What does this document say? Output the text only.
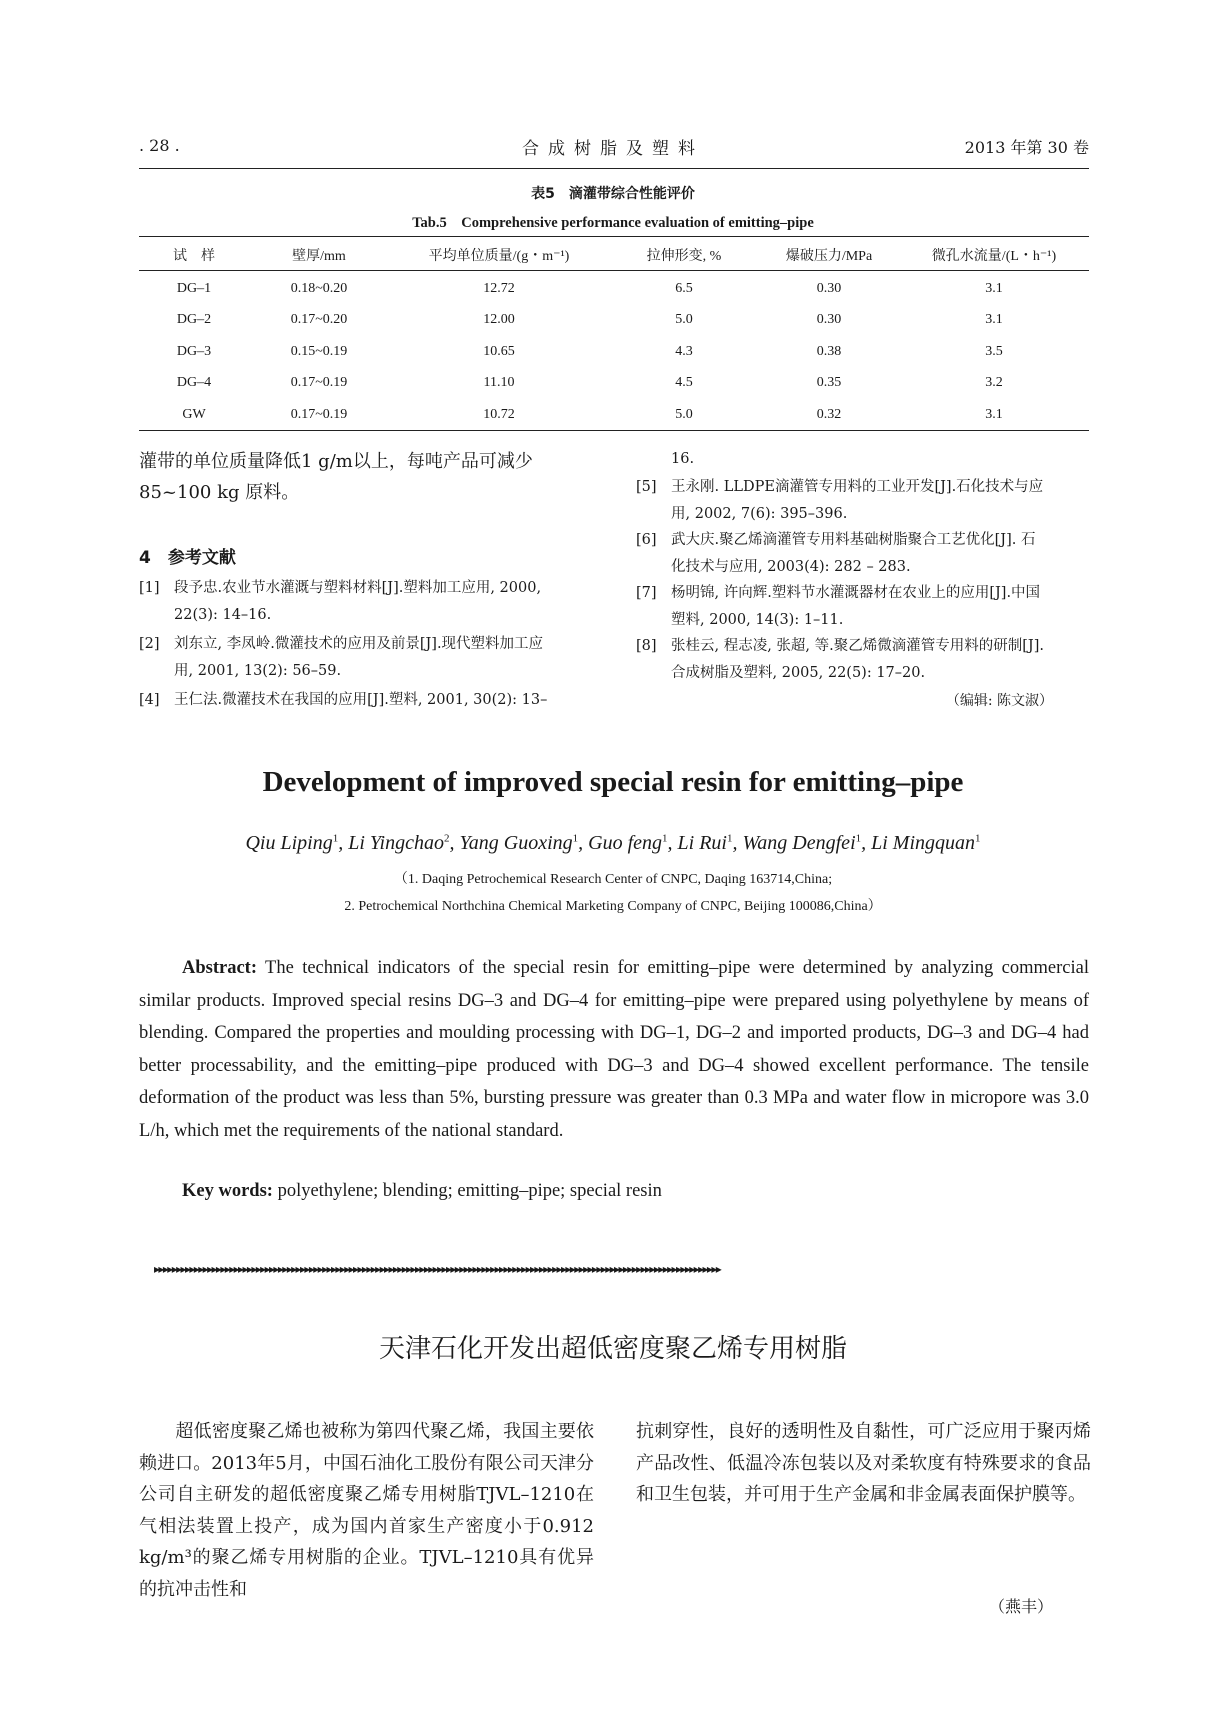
. 28 .	合成树脂及塑料	2013 年第 30 卷
表5　滴灌带综合性能评价
Tab.5　Comprehensive performance evaluation of emitting–pipe
试　样	壁厚/mm	平均单位质量/(g・m⁻¹)	拉伸形变, %	爆破压力/MPa	微孔水流量/(L・h⁻¹)
DG–1	0.18~0.20	12.72	6.5	0.30	3.1
DG–2	0.17~0.20	12.00	5.0	0.30	3.1
DG–3	0.15~0.19	10.65	4.3	0.38	3.5
DG–4	0.17~0.19	11.10	4.5	0.35	3.2
GW	0.17~0.19	10.72	5.0	0.32	3.1
灌带的单位质量降低1 g/m以上，每吨产品可减少85~100 kg 原料。
4　参考文献
[1] 段予忠.农业节水灌溉与塑料材料[J].塑料加工应用, 2000,
22(3): 14–16.
[2] 刘东立, 李凤岭.微灌技术的应用及前景[J].现代塑料加工应
用, 2001, 13(2): 56–59.
[4] 王仁法.微灌技术在我国的应用[J].塑料, 2001, 30(2): 13–
16.
[5] 王永刚. LLDPE滴灌管专用料的工业开发[J].石化技术与应
用, 2002, 7(6): 395–396.
[6] 武大庆.聚乙烯滴灌管专用料基础树脂聚合工艺优化[J]. 石
化技术与应用, 2003(4): 282 – 283.
[7] 杨明锦, 许向辉.塑料节水灌溉器材在农业上的应用[J].中国
塑料, 2000, 14(3): 1–11.
[8] 张桂云, 程志凌, 张超, 等.聚乙烯微滴灌管专用料的研制[J].
合成树脂及塑料, 2005, 22(5): 17–20.
（编辑: 陈文淑）
Development of improved special resin for emitting–pipe
Qiu Liping$^1$, Li Yingchao$^2$, Yang Guoxing$^1$, Guo feng$^1$, Li Rui$^1$, Wang Dengfei$^1$, Li Mingquan$^1$
（1. Daqing Petrochemical Research Center of CNPC, Daqing 163714,China;
2. Petrochemical Northchina Chemical Marketing Company of CNPC, Beijing 100086,China）
Abstract: The technical indicators of the special resin for emitting–pipe were determined by analyzing commercial similar products. Improved special resins DG–3 and DG–4 for emitting–pipe were prepared using polyethylene by means of blending. Compared the properties and moulding processing with DG–1, DG–2 and imported products, DG–3 and DG–4 had better processability, and the emitting–pipe produced with DG–3 and DG–4 showed excellent performance. The tensile deformation of the product was less than 5%, bursting pressure was greater than 0.3 MPa and water flow in micropore was 3.0 L/h, which met the requirements of the national standard.
Key words: polyethylene; blending; emitting–pipe; special resin
▸▸▸▸▸▸▸▸▸▸▸▸▸▸▸▸▸▸▸▸▸▸▸▸▸▸▸▸▸▸▸▸▸▸▸▸▸▸▸▸▸▸▸▸▸▸▸▸▸▸▸▸▸▸▸▸▸▸▸▸▸▸▸▸▸▸▸▸▸▸▸▸▸▸▸▸▸▸▸▸▸▸▸▸▸▸▸▸▸▸▸▸▸▸▸▸▸▸▸▸▸▸▸▸▸▸▸▸▸▸▸▸▸▸▸▸▸▸▸▸▸▸▸▸▸▸▸▸
天津石化开发出超低密度聚乙烯专用树脂
　　超低密度聚乙烯也被称为第四代聚乙烯，我国主要依赖进口。2013年5月，中国石油化工股份有限公司天津分公司自主研发的超低密度聚乙烯专用树脂TJVL–1210在气相法装置上投产，成为国内首家生产密度小于0.912 kg/m³的聚乙烯专用树脂的企业。TJVL–1210具有优异的抗冲击性和
抗刺穿性，良好的透明性及自黏性，可广泛应用于聚丙烯产品改性、低温冷冻包装以及对柔软度有特殊要求的食品和卫生包装，并可用于生产金属和非金属表面保护膜等。
（燕丰）
